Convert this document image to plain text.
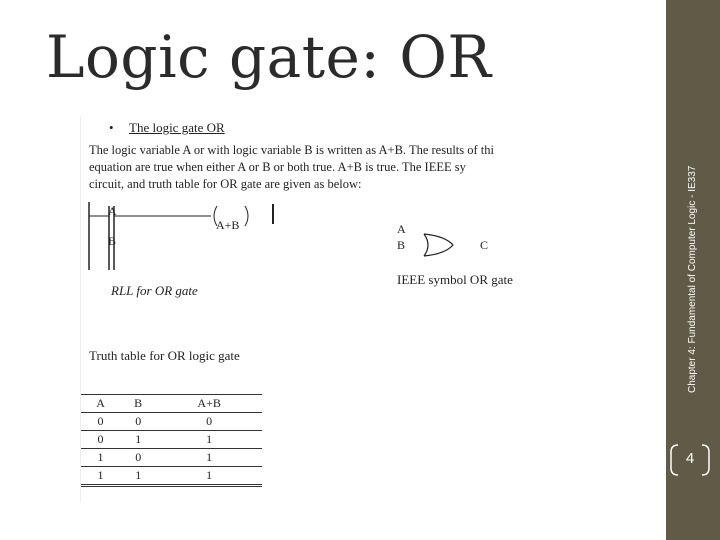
Logic gate: OR
• The logic gate OR
The logic variable A or with logic variable B is written as A+B. The results of thi
equation are true when either A or B or both true. A+B is true. The IEEE sy
circuit, and truth table for OR gate are given as below:
A
B
A+B
RLL for OR gate
A
B	C
IEEE symbol OR gate
Truth table for OR logic gate
A	B	A+B
0	0	0
0	1	1
1	0	1
1	1	1
Chapter 4: Fundamental of Computer Logic - IE337
4
